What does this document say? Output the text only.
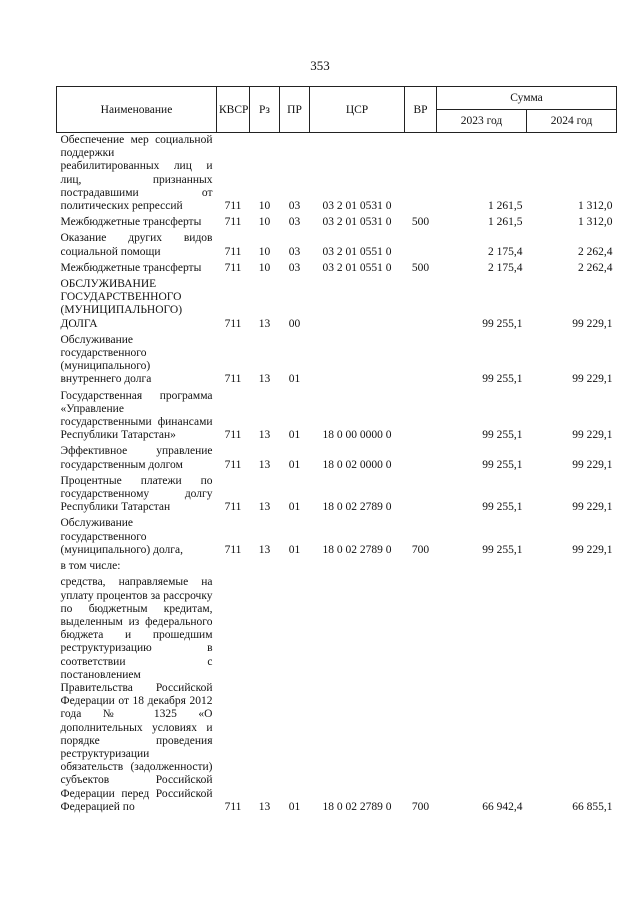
353
Наименование	КВСР	Рз	ПР	ЦСР	ВР	Сумма	
						2023 год	2024 год
Обеспечение мер социальной поддержки реабилитированных лиц и лиц, признанных пострадавшими от политических репрессий	711	10	03	03 2 01 0531 0		1 261,5	1 312,0
Межбюджетные трансферты	711	10	03	03 2 01 0531 0	500	1 261,5	1 312,0
Оказание других видов социальной помощи	711	10	03	03 2 01 0551 0		2 175,4	2 262,4
Межбюджетные трансферты	711	10	03	03 2 01 0551 0	500	2 175,4	2 262,4
ОБСЛУЖИВАНИЕ ГОСУДАРСТВЕННОГО (МУНИЦИПАЛЬНОГО) ДОЛГА	711	13	00			99 255,1	99 229,1
Обслуживание государственного (муниципального) внутреннего долга	711	13	01			99 255,1	99 229,1
Государственная программа «Управление государственными финансами Республики Татарстан»	711	13	01	18 0 00 0000 0		99 255,1	99 229,1
Эффективное управление государственным долгом	711	13	01	18 0 02 0000 0		99 255,1	99 229,1
Процентные платежи по государственному долгу Республики Татарстан	711	13	01	18 0 02 2789 0		99 255,1	99 229,1
Обслуживание государственного (муниципального) долга,	711	13	01	18 0 02 2789 0	700	99 255,1	99 229,1
в том числе:							
средства, направляемые на уплату процентов за рассрочку по бюджетным кредитам, выделенным из федерального бюджета и прошедшим реструктуризацию в соответствии с постановлением Правительства Российской Федерации от 18 декабря 2012 года № 1325 «О дополнительных условиях и порядке проведения реструктуризации обязательств (задолженности) субъектов Российской Федерации перед Российской Федерацией по	711	13	01	18 0 02 2789 0	700	66 942,4	66 855,1
